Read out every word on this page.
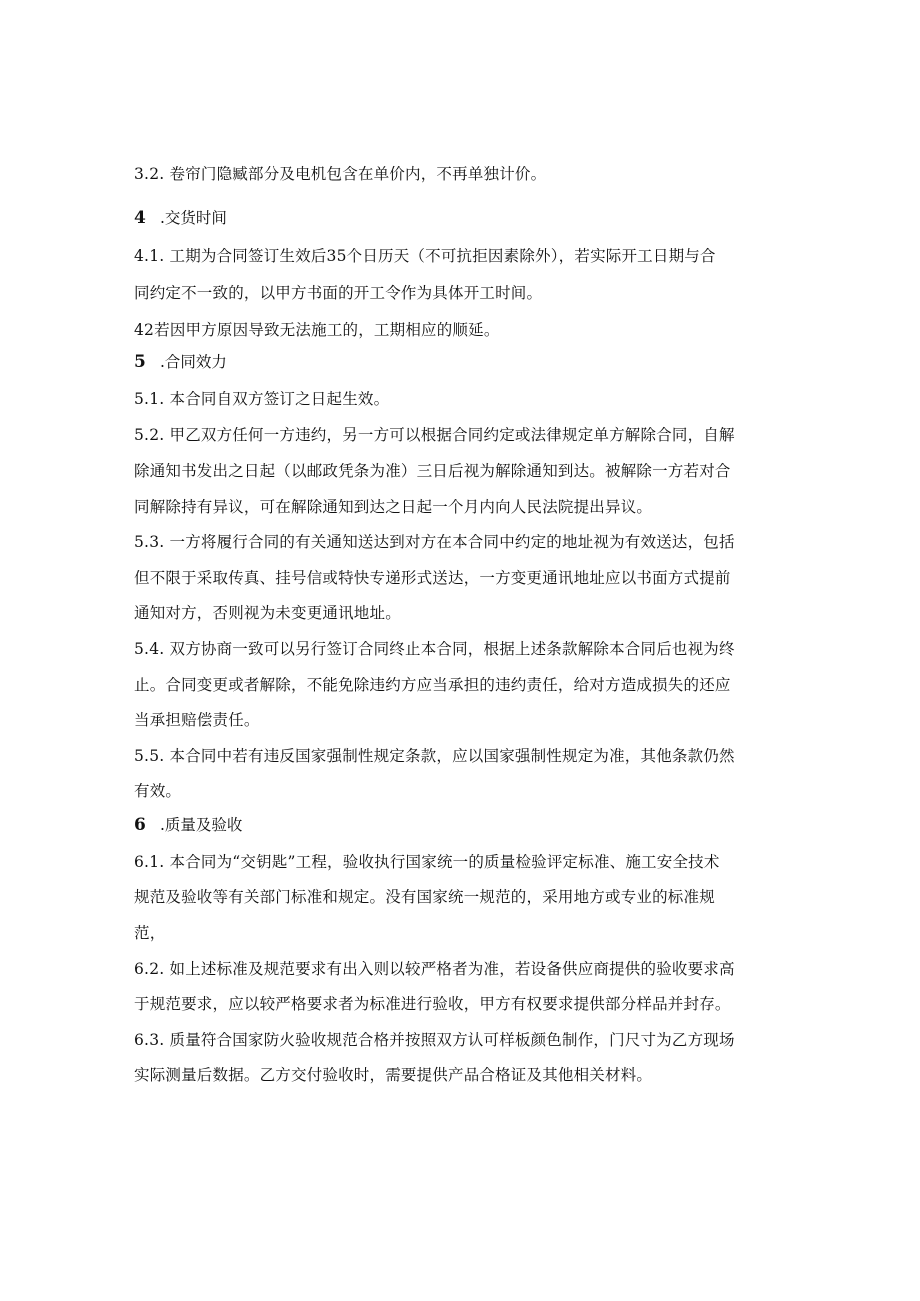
3.2. 卷帘门隐臧部分及电机包含在单价内，不再单独计价。
4 .交货时间
4.1. 工期为合同签订生效后35个日历天（不可抗拒因素除外），若实际开工日期与合
同约定不一致的，以甲方书面的开工令作为具体开工时间。
42若因甲方原因导致无法施工的，工期相应的顺延。
5 .合同效力
5.1. 本合同自双方签订之日起生效。
5.2. 甲乙双方任何一方违约，另一方可以根据合同约定或法律规定单方解除合同，自解
除通知书发出之日起（以邮政凭条为准）三日后视为解除通知到达。被解除一方若对合
同解除持有异议，可在解除通知到达之日起一个月内向人民法院提出异议。
5.3. 一方将履行合同的有关通知送达到对方在本合同中约定的地址视为有效送达，包括
但不限于采取传真、挂号信或特快专递形式送达，一方变更通讯地址应以书面方式提前
通知对方，否则视为未变更通讯地址。
5.4. 双方协商一致可以另行签订合同终止本合同，根据上述条款解除本合同后也视为终
止。合同变更或者解除，不能免除违约方应当承担的违约责任，给对方造成损失的还应
当承担赔偿责任。
5.5. 本合同中若有违反国家强制性规定条款，应以国家强制性规定为准，其他条款仍然
有效。
6 .质量及验收
6.1. 本合同为“交钥匙”工程，验收执行国家统一的质量检验评定标准、施工安全技术
规范及验收等有关部门标准和规定。没有国家统一规范的，采用地方或专业的标准规
范，
6.2. 如上述标准及规范要求有出入则以较严格者为准，若设备供应商提供的验收要求高
于规范要求，应以较严格要求者为标准进行验收，甲方有权要求提供部分样品并封存。
6.3. 质量符合国家防火验收规范合格并按照双方认可样板颜色制作，门尺寸为乙方现场
实际测量后数据。乙方交付验收时，需要提供产品合格证及其他相关材料。
